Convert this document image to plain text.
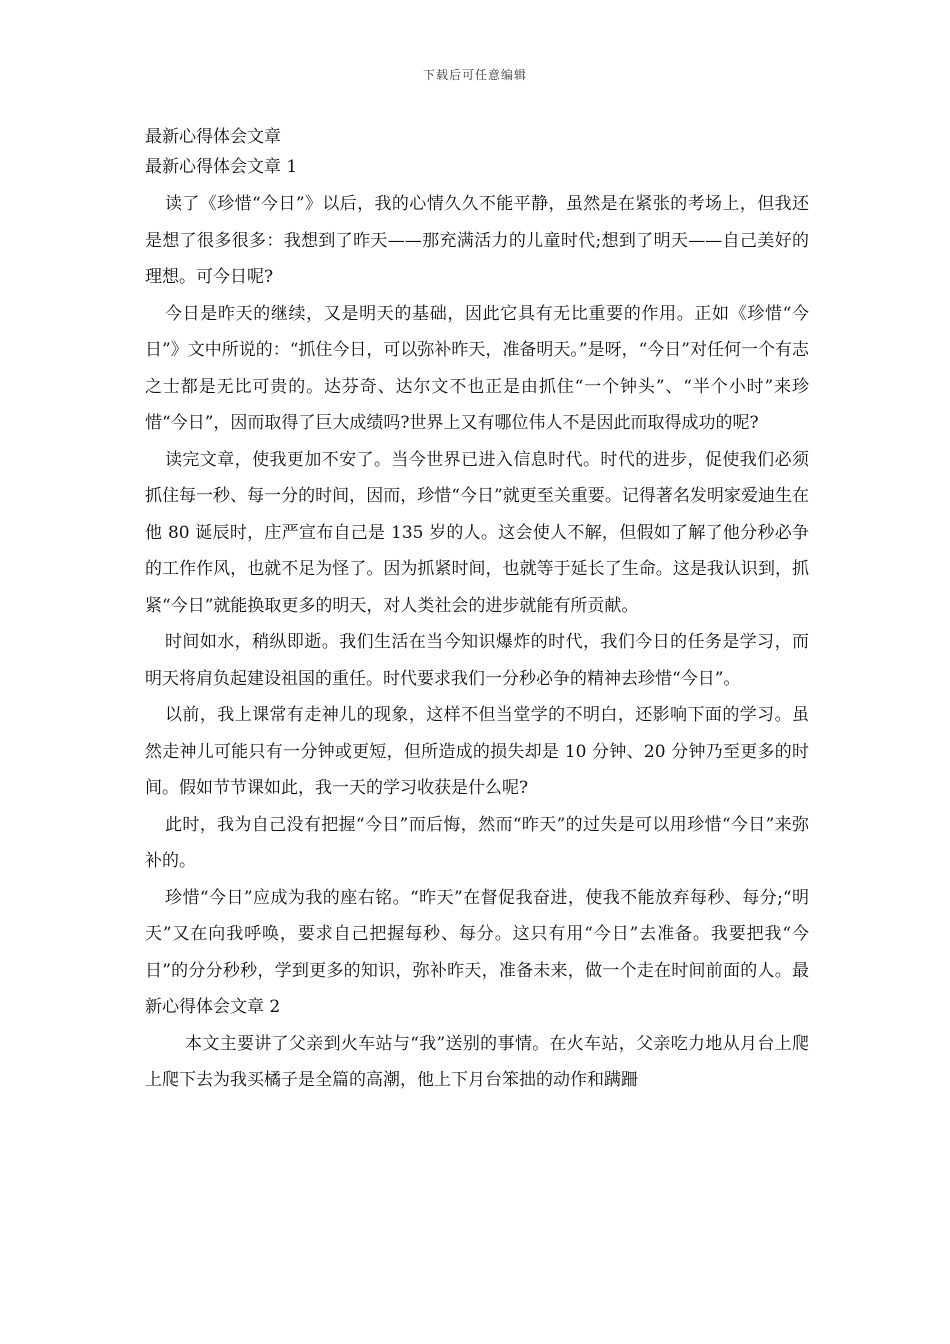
下载后可任意编辑

最新心得体会文章

最新心得体会文章 1

读了《珍惜“今日”》以后，我的心情久久不能平静，虽然是在紧张的考场上，但我还是想了很多很多：我想到了昨天——那充满活力的儿童时代;想到了明天——自己美好的理想。可今日呢?

今日是昨天的继续，又是明天的基础，因此它具有无比重要的作用。正如《珍惜“今日”》文中所说的：“抓住今日，可以弥补昨天，准备明天。”是呀，“今日”对任何一个有志之士都是无比可贵的。达芬奇、达尔文不也正是由抓住“一个钟头”、“半个小时”来珍惜“今日”，因而取得了巨大成绩吗?世界上又有哪位伟人不是因此而取得成功的呢?

读完文章，使我更加不安了。当今世界已进入信息时代。时代的进步，促使我们必须抓住每一秒、每一分的时间，因而，珍惜“今日”就更至关重要。记得著名发明家爱迪生在他 80 诞辰时，庄严宣布自己是 135 岁的人。这会使人不解，但假如了解了他分秒必争的工作作风，也就不足为怪了。因为抓紧时间，也就等于延长了生命。这是我认识到，抓紧“今日”就能换取更多的明天，对人类社会的进步就能有所贡献。

时间如水，稍纵即逝。我们生活在当今知识爆炸的时代，我们今日的任务是学习，而明天将肩负起建设祖国的重任。时代要求我们一分秒必争的精神去珍惜“今日”。

以前，我上课常有走神儿的现象，这样不但当堂学的不明白，还影响下面的学习。虽然走神儿可能只有一分钟或更短，但所造成的损失却是 10 分钟、20 分钟乃至更多的时间。假如节节课如此，我一天的学习收获是什么呢?

此时，我为自己没有把握“今日”而后悔，然而“昨天”的过失是可以用珍惜“今日”来弥补的。

珍惜“今日”应成为我的座右铭。“昨天”在督促我奋进，使我不能放弃每秒、每分;“明天”又在向我呼唤，要求自己把握每秒、每分。这只有用“今日”去准备。我要把我“今日”的分分秒秒，学到更多的知识，弥补昨天，准备未来，做一个走在时间前面的人。最新心得体会文章 2

本文主要讲了父亲到火车站与“我”送别的事情。在火车站，父亲吃力地从月台上爬上爬下去为我买橘子是全篇的高潮，他上下月台笨拙的动作和蹒跚
